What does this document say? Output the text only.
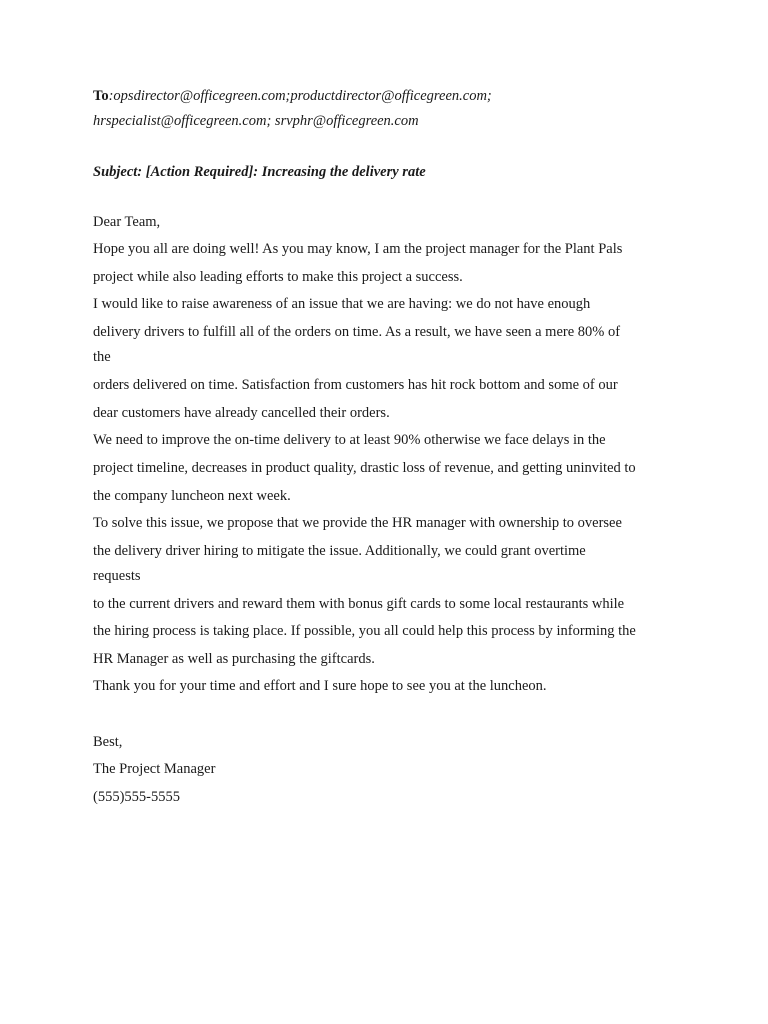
To:opsdirector@officegreen.com;productdirector@officegreen.com;
hrspecialist@officegreen.com; srvphr@officegreen.com
Subject: [Action Required]: Increasing the delivery rate
Dear Team,
Hope you all are doing well! As you may know, I am the project manager for the Plant Pals
project while also leading efforts to make this project a success.
I would like to raise awareness of an issue that we are having: we do not have enough
delivery drivers to fulfill all of the orders on time. As a result, we have seen a mere 80% of
the
orders delivered on time. Satisfaction from customers has hit rock bottom and some of our
dear customers have already cancelled their orders.
We need to improve the on-time delivery to at least 90% otherwise we face delays in the
project timeline, decreases in product quality, drastic loss of revenue, and getting uninvited to
the company luncheon next week.
To solve this issue, we propose that we provide the HR manager with ownership to oversee
the delivery driver hiring to mitigate the issue. Additionally, we could grant overtime
requests
to the current drivers and reward them with bonus gift cards to some local restaurants while
the hiring process is taking place. If possible, you all could help this process by informing the
HR Manager as well as purchasing the giftcards.
Thank you for your time and effort and I sure hope to see you at the luncheon.
Best,
The Project Manager
(555)555-5555
